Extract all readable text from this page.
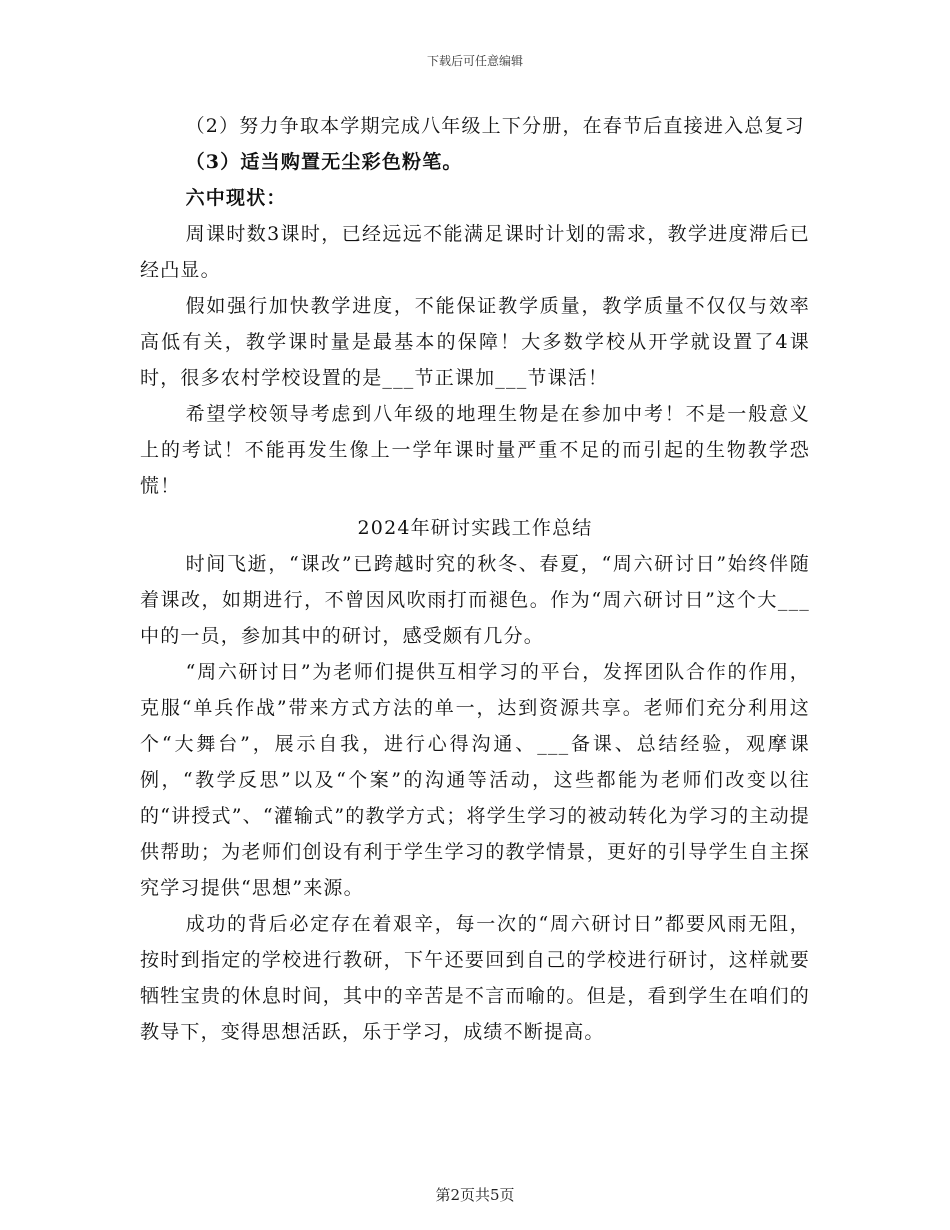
下载后可任意编辑

（2）努力争取本学期完成八年级上下分册，在春节后直接进入总复习

（3）适当购置无尘彩色粉笔。

六中现状：

周课时数3课时，已经远远不能满足课时计划的需求，教学进度滞后已经凸显。

假如强行加快教学进度，不能保证教学质量，教学质量不仅仅与效率高低有关，教学课时量是最基本的保障！大多数学校从开学就设置了4课时，很多农村学校设置的是___节正课加___节课活！

希望学校领导考虑到八年级的地理生物是在参加中考！不是一般意义上的考试！不能再发生像上一学年课时量严重不足的而引起的生物教学恐慌！

2024年研讨实践工作总结

时间飞逝，“课改”已跨越时究的秋冬、春夏，“周六研讨日”始终伴随着课改，如期进行，不曾因风吹雨打而褪色。作为“周六研讨日”这个大___中的一员，参加其中的研讨，感受颇有几分。

“周六研讨日”为老师们提供互相学习的平台，发挥团队合作的作用，克服“单兵作战”带来方式方法的单一，达到资源共享。老师们充分利用这个“大舞台”，展示自我，进行心得沟通、___备课、总结经验，观摩课例，“教学反思”以及“个案”的沟通等活动，这些都能为老师们改变以往的“讲授式”、“灌输式”的教学方式；将学生学习的被动转化为学习的主动提供帮助；为老师们创设有利于学生学习的教学情景，更好的引导学生自主探究学习提供“思想”来源。

成功的背后必定存在着艰辛，每一次的“周六研讨日”都要风雨无阻，按时到指定的学校进行教研，下午还要回到自己的学校进行研讨，这样就要牺牲宝贵的休息时间，其中的辛苦是不言而喻的。但是，看到学生在咱们的教导下，变得思想活跃，乐于学习，成绩不断提高。

第2页共5页
